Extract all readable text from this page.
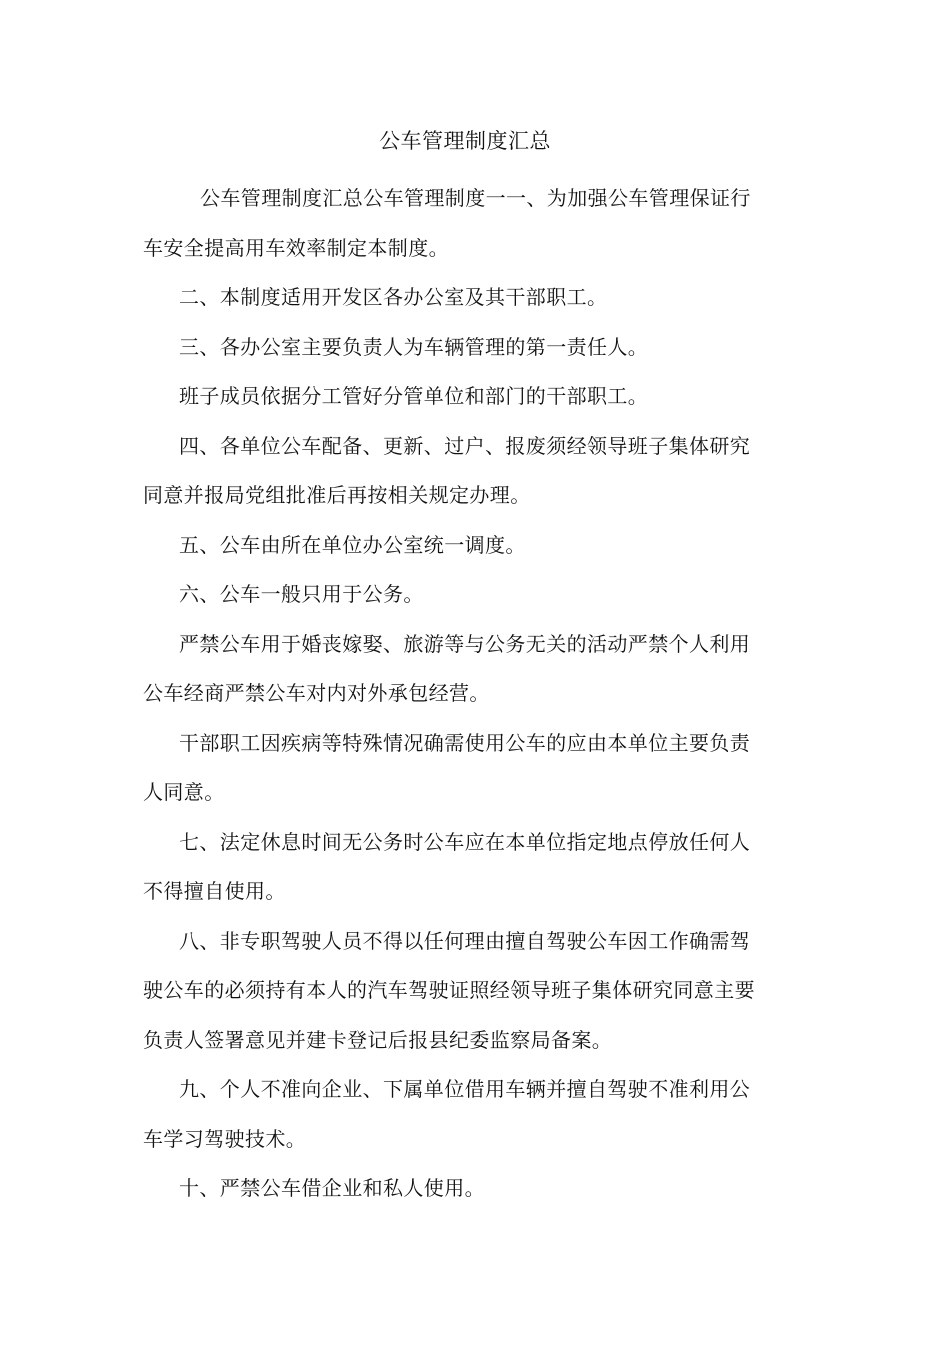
公车管理制度汇总

公车管理制度汇总公车管理制度一一、为加强公车管理保证行车安全提高用车效率制定本制度。

二、本制度适用开发区各办公室及其干部职工。

三、各办公室主要负责人为车辆管理的第一责任人。

班子成员依据分工管好分管单位和部门的干部职工。

四、各单位公车配备、更新、过户、报废须经领导班子集体研究同意并报局党组批准后再按相关规定办理。

五、公车由所在单位办公室统一调度。

六、公车一般只用于公务。

严禁公车用于婚丧嫁娶、旅游等与公务无关的活动严禁个人利用公车经商严禁公车对内对外承包经营。

干部职工因疾病等特殊情况确需使用公车的应由本单位主要负责人同意。

七、法定休息时间无公务时公车应在本单位指定地点停放任何人不得擅自使用。

八、非专职驾驶人员不得以任何理由擅自驾驶公车因工作确需驾驶公车的必须持有本人的汽车驾驶证照经领导班子集体研究同意主要负责人签署意见并建卡登记后报县纪委监察局备案。

九、个人不准向企业、下属单位借用车辆并擅自驾驶不准利用公车学习驾驶技术。

十、严禁公车借企业和私人使用。
